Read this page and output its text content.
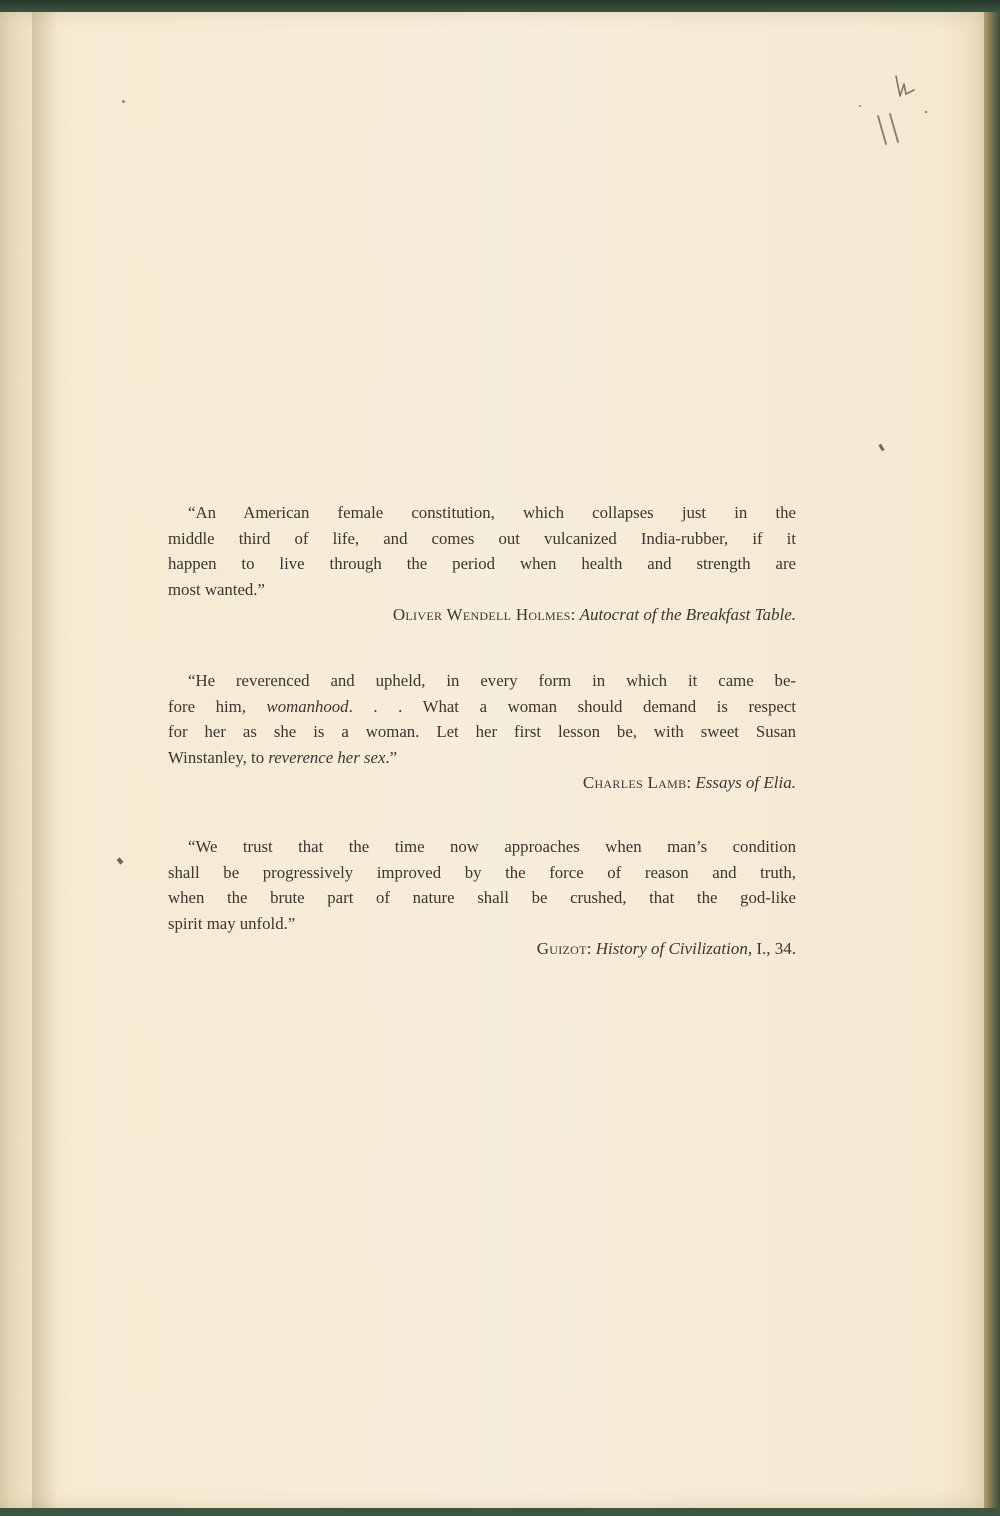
“An American female constitution, which collapses just in the
middle third of life, and comes out vulcanized India-rubber, if it
happen to live through the period when health and strength are
most wanted.”

Oliver Wendell Holmes: Autocrat of the Breakfast Table.

“He reverenced and upheld, in every form in which it came be-
fore him, womanhood. . . What a woman should demand is respect
for her as she is a woman. Let her first lesson be, with sweet Susan
Winstanley, to reverence her sex.”

Charles Lamb: Essays of Elia.

“We trust that the time now approaches when man’s condition
shall be progressively improved by the force of reason and truth,
when the brute part of nature shall be crushed, that the god-like
spirit may unfold.”

Guizot: History of Civilization, I., 34.
